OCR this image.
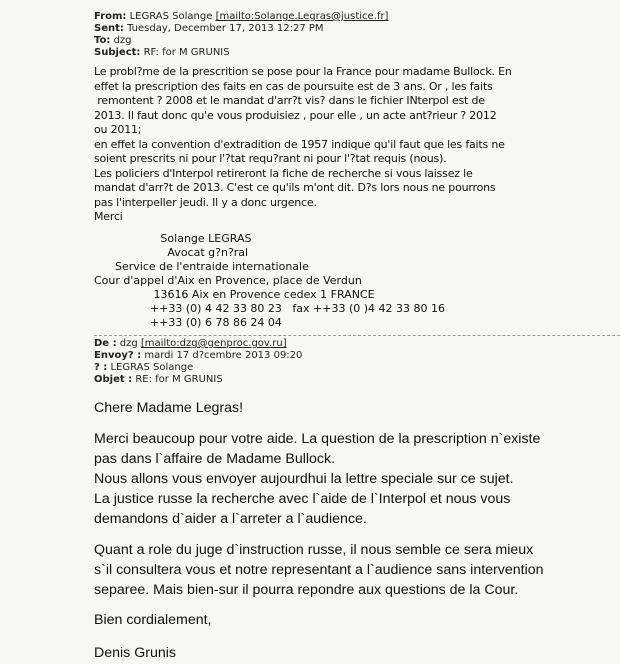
From: LEGRAS Solange [mailto:Solange.Legras@justice.fr]
Sent: Tuesday, December 17, 2013 12:27 PM
To: dzg
Subject: RF: for M GRUNIS
Le probl?me de la prescrition se pose pour la France pour madame Bullock. En
effet la prescription des faits en cas de poursuite est de 3 ans. Or , les faits
remontent ? 2008 et le mandat d'arr?t vis? dans le fichier INterpol est de
2013. Il faut donc qu'e vous produisiez , pour elle , un acte ant?rieur ? 2012
ou 2011;
en effet la convention d'extradition de 1957 indique qu'il faut que les faits ne
soient prescrits ni pour l'?tat requ?rant ni pour l'?tat requis (nous).
Les policiers d'Interpol retireront la fiche de recherche si vous laissez le
mandat d'arr?t de 2013. C'est ce qu'ils m'ont dit. D?s lors nous ne pourrons
pas l'interpeller jeudi. Il y a donc urgence.
Merci
Solange LEGRAS
Avocat g?n?ral
Service de l'entraide internationale
Cour d'appel d'Aix en Provence, place de Verdun
13616 Aix en Provence cedex 1 FRANCE
++33 (0) 4 42 33 80 23   fax ++33 (0 )4 42 33 80 16
++33 (0) 6 78 86 24 04
De : dzg [mailto:dzg@genproc.gov.ru]
Envoy? : mardi 17 d?cembre 2013 09:20
? : LEGRAS Solange
Objet : RE: for M GRUNIS
Chere Madame Legras!
Merci beaucoup pour votre aide. La question de la prescription n`existe
pas dans l`affaire de Madame Bullock.
Nous allons vous envoyer aujourdhui la lettre speciale sur ce sujet.
La justice russe la recherche avec l`aide de l`Interpol et nous vous
demandons d`aider a l`arreter a l`audience.
Quant a role du juge d`instruction russe, il nous semble ce sera mieux
s`il consultera vous et notre representant a l`audience sans intervention
separee. Mais bien-sur il pourra repondre aux questions de la Cour.
Bien cordialement,
Denis Grunis
